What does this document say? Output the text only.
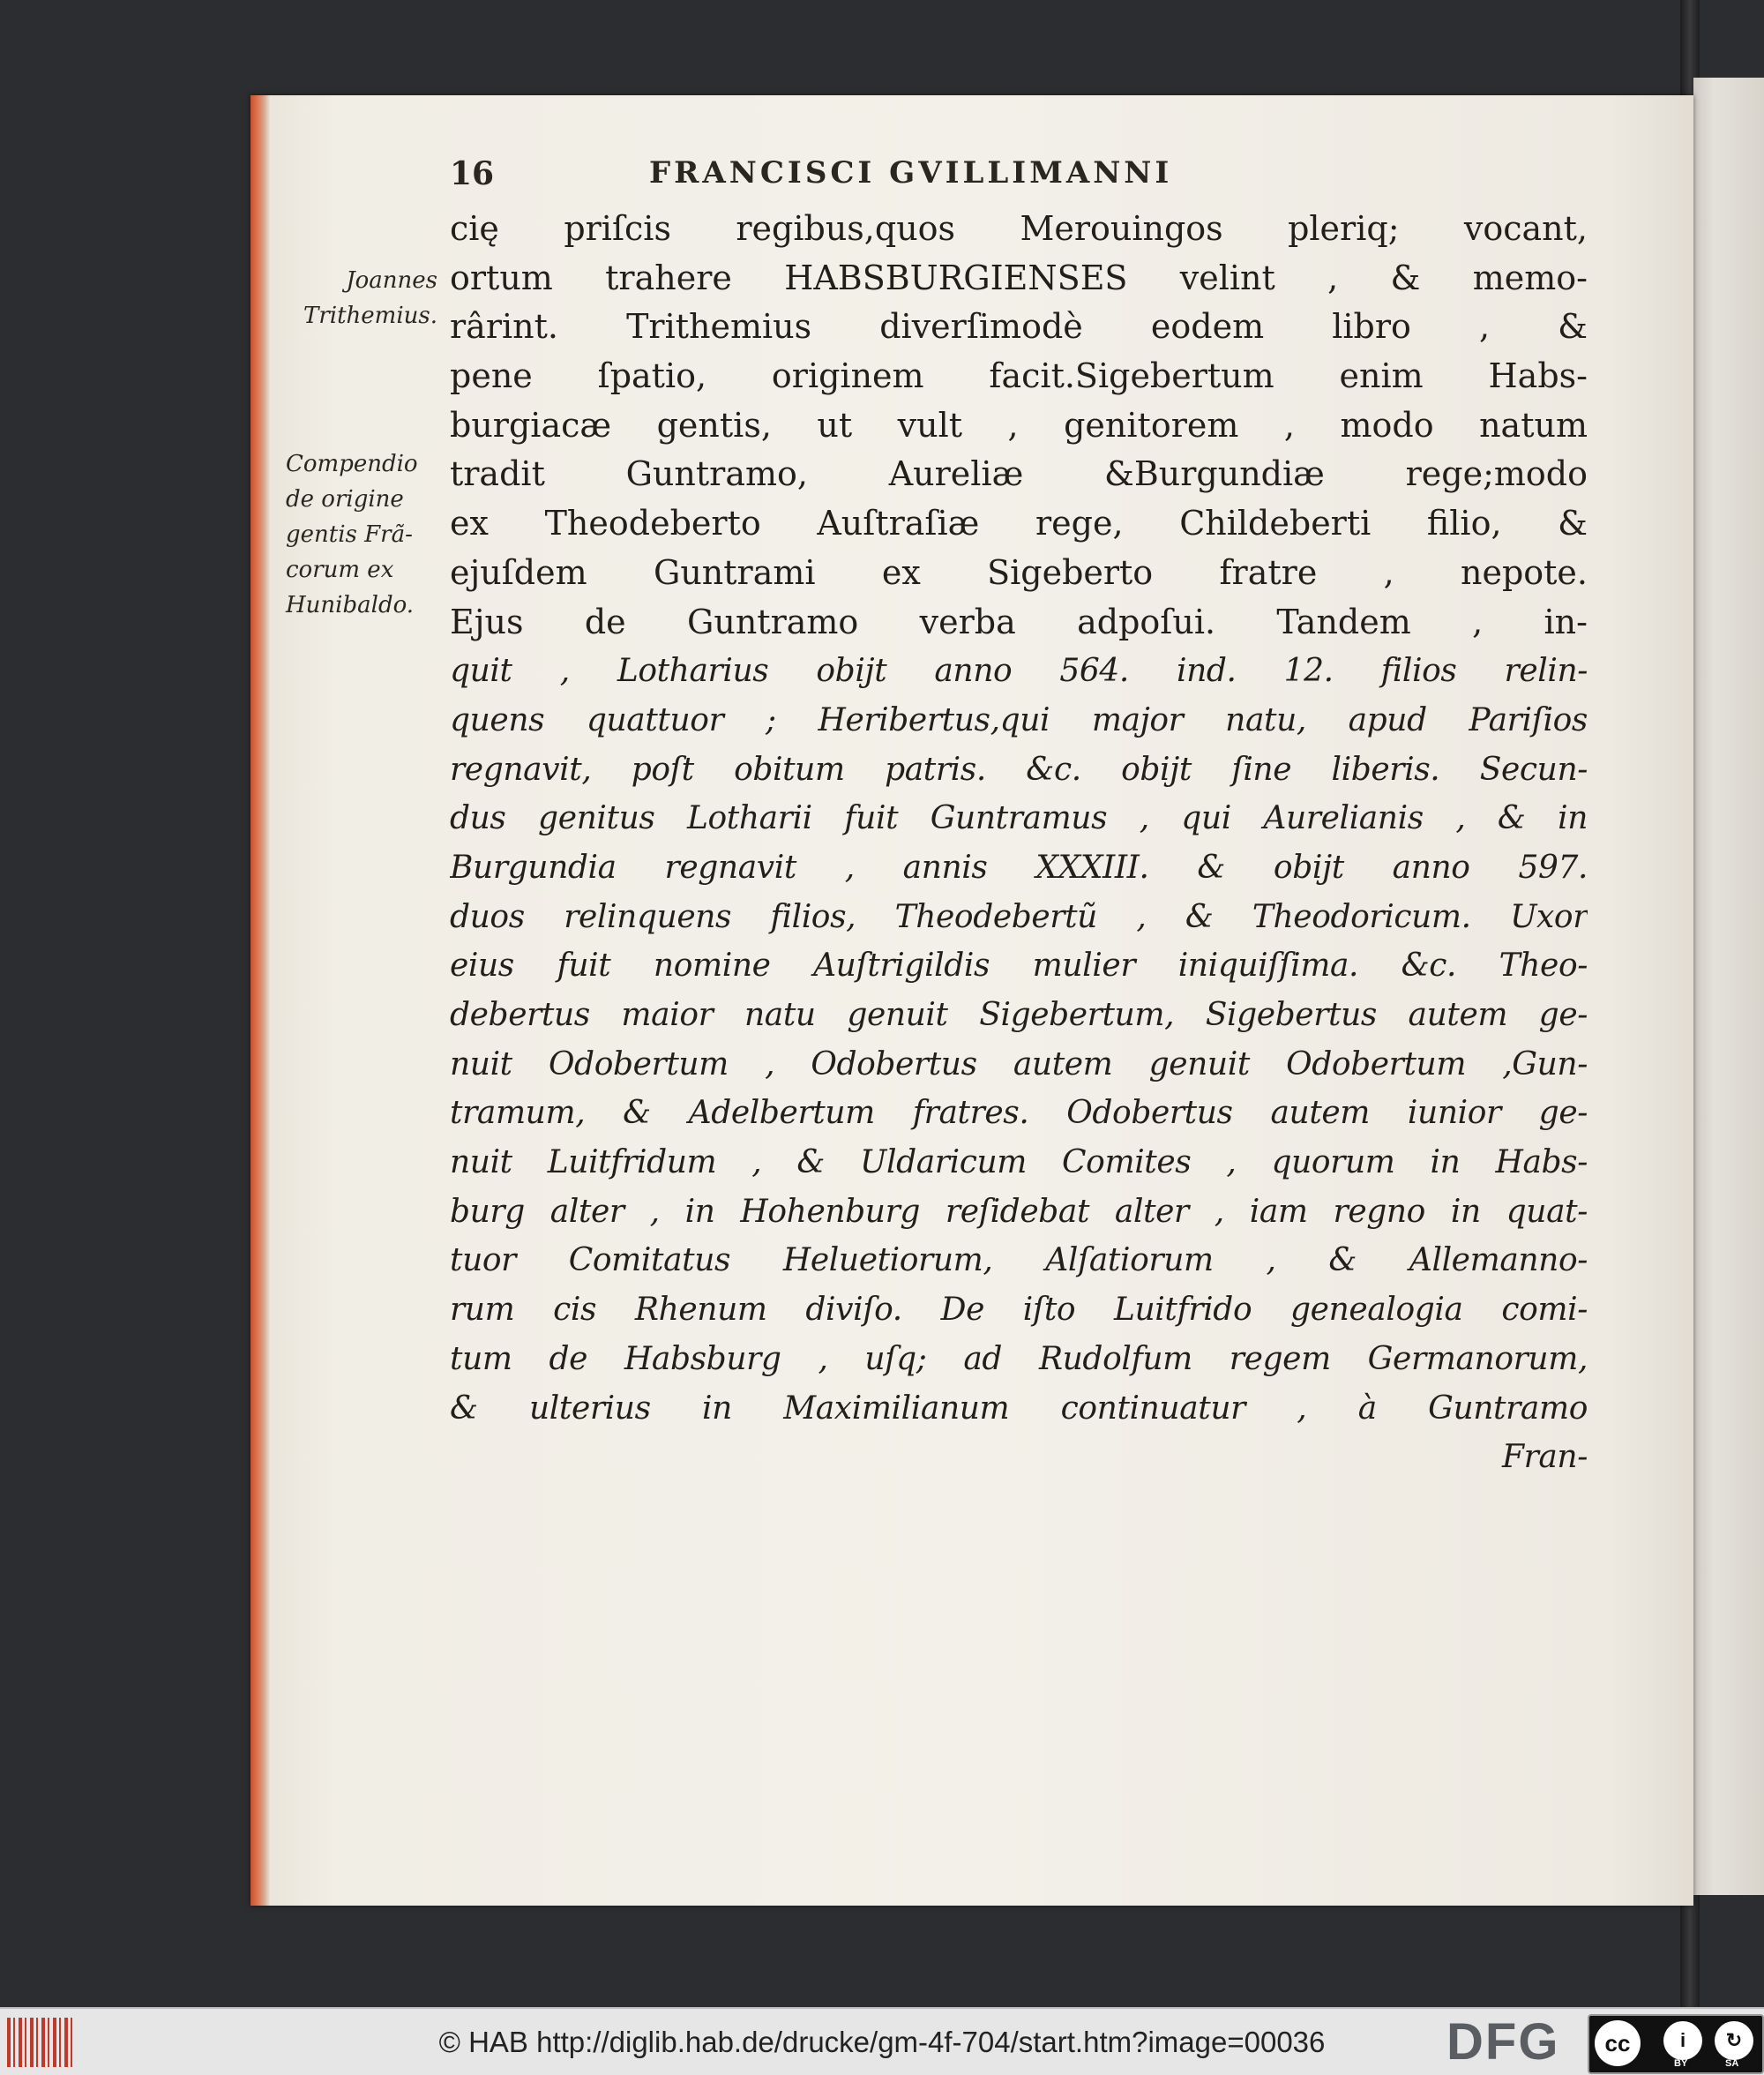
16	FRANCISCI GVILLIMANNI
Joannes
Trithemius.
Compendio
de origine
gentis Frã-
corum ex
Hunibaldo.
cię priſcis regibus,quos Merouingos pleriq; vocant,
ortum trahere HABSBURGIENSES velint , & memo-
rârint. Trithemius diverſimodè eodem libro , &
pene ſpatio, originem facit.Sigebertum enim Habs-
burgiacæ gentis, ut vult , genitorem , modo natum
tradit Guntramo, Aureliæ &Burgundiæ rege;modo
ex Theodeberto Auſtraſiæ rege, Childeberti filio, &
ejuſdem Guntrami ex Sigeberto fratre , nepote.
Ejus de Guntramo verba adpoſui. Tandem , in-
quit , Lotharius obijt anno 564. ind. 12. filios relin-
quens quattuor ; Heribertus,qui major natu, apud Pariſios
regnavit, poſt obitum patris. &c. obijt ſine liberis. Secun-
dus genitus Lotharii fuit Guntramus , qui Aurelianis , & in
Burgundia regnavit , annis XXXIII. & obijt anno 597.
duos relinquens filios, Theodebertũ , & Theodoricum. Uxor
eius fuit nomine Auſtrigildis mulier iniquiſſima. &c. Theo-
debertus maior natu genuit Sigebertum, Sigebertus autem ge-
nuit Odobertum , Odobertus autem genuit Odobertum ,Gun-
tramum, & Adelbertum fratres. Odobertus autem iunior ge-
nuit Luitfridum , & Uldaricum Comites , quorum in Habs-
burg alter , in Hohenburg reſidebat alter , iam regno in quat-
tuor Comitatus Heluetiorum, Alſatiorum , & Allemanno-
rum cis Rhenum diviſo. De iſto Luitfrido genealogia comi-
tum de Habsburg , uſq; ad Rudolfum regem Germanorum,
& ulterius in Maximilianum continuatur , à Guntramo
Fran-
© HAB http://diglib.hab.de/drucke/gm-4f-704/start.htm?image=00036	DFG	cc	i	↻
BY	SA
